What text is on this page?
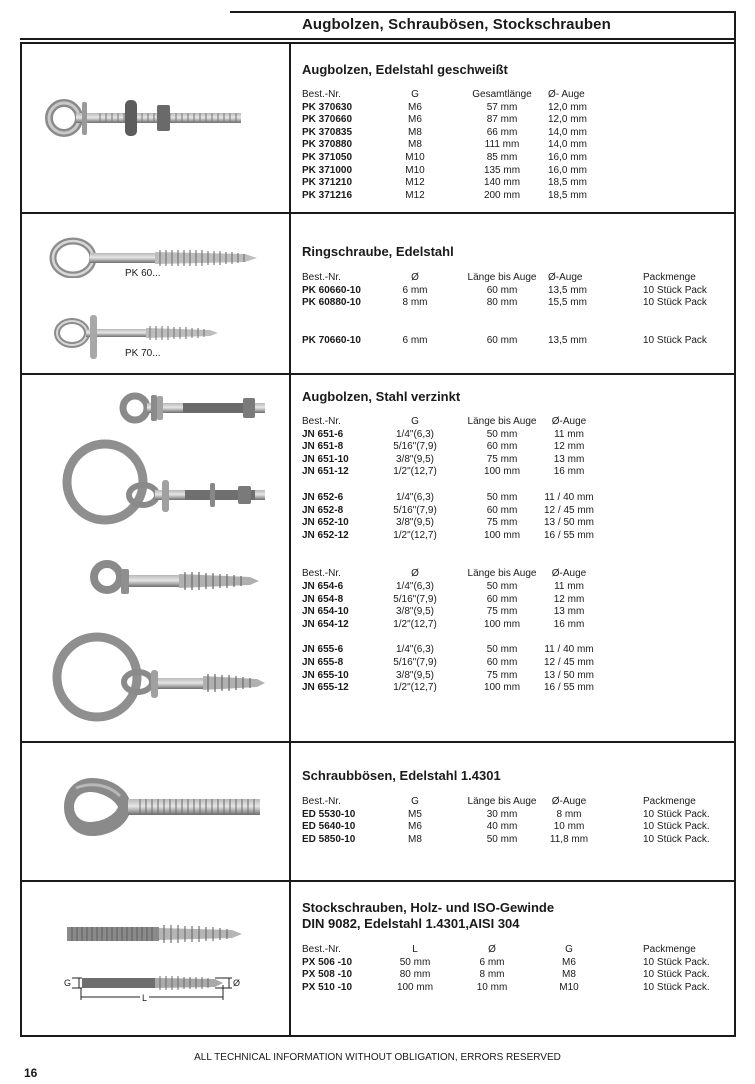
Augbolzen, Schraubösen, Stockschrauben
Augbolzen, Edelstahl geschweißt
Best.-Nr.	G	Gesamtlänge Ø- Auge
PK 370630	M6	57 mm	12,0 mm
PK 370660	M6	87 mm	12,0 mm
PK 370835	M8	66 mm	14,0 mm
PK 370880	M8	111 mm	14,0 mm
PK 371050	M10	85 mm	16,0 mm
PK 371000	M10	135 mm	16,0 mm
PK 371210	M12	140 mm	18,5 mm
PK 371216	M12	200 mm	18,5 mm
PK 60...
PK 70...
Ringschraube, Edelstahl
Best.-Nr.	Ø	Länge bis Auge Ø-Auge	Packmenge
PK 60660-10	6 mm	60 mm	13,5 mm	10 Stück Pack
PK 60880-10	8 mm	80 mm	15,5 mm	10 Stück Pack
PK 70660-10	6 mm	60 mm	13,5 mm	10 Stück Pack
Augbolzen, Stahl verzinkt
Best.-Nr.	G	Länge bis Auge Ø-Auge
JN 651-6	1/4"(6,3)	50 mm	11 mm
JN 651-8	5/16"(7,9)	60 mm	12 mm
JN 651-10	3/8"(9,5)	75 mm	13 mm
JN 651-12	1/2"(12,7)	100 mm	16 mm
JN 652-6	1/4"(6,3)	50 mm	11 / 40 mm
JN 652-8	5/16"(7,9)	60 mm	12 / 45 mm
JN 652-10	3/8"(9,5)	75 mm	13 / 50 mm
JN 652-12	1/2"(12,7)	100 mm 16 / 55 mm
Best.-Nr.	Ø	Länge bis Auge Ø-Auge
JN 654-6	1/4"(6,3)	50 mm	11 mm
JN 654-8	5/16"(7,9)	60 mm	12 mm
JN 654-10	3/8"(9,5)	75 mm	13 mm
JN 654-12	1/2"(12,7)	100 mm	16 mm
JN 655-6	1/4"(6,3)	50 mm	11 / 40 mm
JN 655-8	5/16"(7,9)	60 mm	12 / 45 mm
JN 655-10	3/8"(9,5)	75 mm	13 / 50 mm
JN 655-12	1/2"(12,7)	100 mm 16 / 55 mm
Schraubbösen, Edelstahl 1.4301
Best.-Nr.	G	Länge bis Auge Ø-Auge	Packmenge
ED 5530-10	M5	30 mm	8 mm	10 Stück Pack.
ED 5640-10	M6	40 mm	10 mm	10 Stück Pack.
ED 5850-10	M8	50 mm	11,8 mm	10 Stück Pack.
G
L
Ø
Stockschrauben, Holz- und ISO-Gewinde
DIN 9082, Edelstahl 1.4301,AISI 304
Best.-Nr.	L	Ø	G	Packmenge
PX 506 -10	50 mm	6 mm	M6	10 Stück Pack.
PX 508 -10	80 mm	8 mm	M8	10 Stück Pack.
PX 510 -10	100 mm	10 mm	M10	10 Stück Pack.
ALL TECHNICAL INFORMATION WITHOUT OBLIGATION, ERRORS RESERVED
16
